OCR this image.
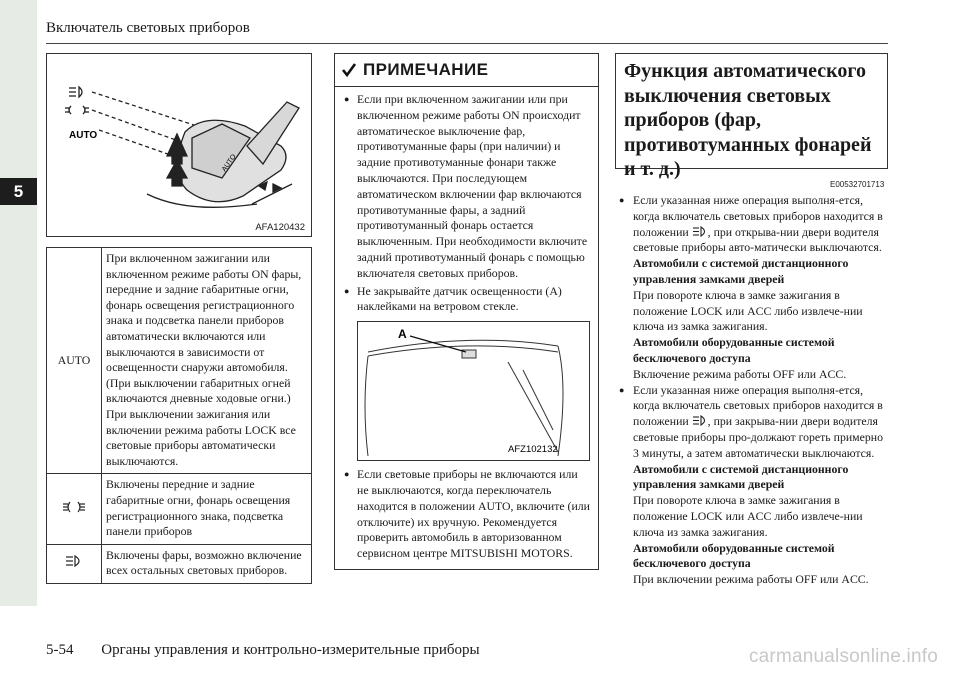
5
Включатель световых приборов
AUTO
AUTO
AFA120432
AUTO	При включенном зажигании или включенном режиме работы ON фары, передние и задние габаритные огни, фонарь освещения регистрационного знака и подсветка панели приборов автоматически включаются или выключаются в зависимости от освещенности снаружи автомобиля. (При выключении габаритных огней включаются дневные ходовые огни.) При выключении зажигания или включении режима работы LOCK все световые приборы автоматически выключаются.
	Включены передние и задние габаритные огни, фонарь освещения регистрационного знака, подсветка панели приборов
	Включены фары, возможно включение всех остальных световых приборов.
ПРИМЕЧАНИЕ
● Если при включенном зажигании или при включенном режиме работы ON происходит автоматическое выключение фар, противотуманные фары (при наличии) и задние противотуманные фонари также выключаются. При последующем автоматическом включении фар включаются противотуманные фары, а задний противотуманный фонарь остается выключенным. При необходимости включите задний противотуманный фонарь с помощью включателя световых приборов.
● Не закрывайте датчик освещенности (A) наклейками на ветровом стекле.
A
AFZ102132
● Если световые приборы не включаются или не выключаются, когда переключатель находится в положении AUTO, включите (или отключите) их вручную. Рекомендуется проверить автомобиль в авторизованном сервисном центре MITSUBISHI MOTORS.
Функция автоматического выключения световых приборов (фар, противотуманных фонарей и т. д.)
E00532701713
● Если указанная ниже операция выполня-ется, когда включатель световых приборов находится в положении , при открыва-нии двери водителя световые приборы авто-матически выключаются.
Автомобили с системой дистанционного управления замками дверей
При повороте ключа в замке зажигания в положение LOCK или ACC либо извлече-нии ключа из замка зажигания.
Автомобили оборудованные системой бесключевого доступа
Включение режима работы OFF или ACC.
● Если указанная ниже операция выполня-ется, когда включатель световых приборов находится в положении , при закрыва-нии двери водителя световые приборы про-должают гореть примерно 3 минуты, а затем автоматически выключаются.
Автомобили с системой дистанционного управления замками дверей
При повороте ключа в замке зажигания в положение LOCK или ACC либо извлече-нии ключа из замка зажигания.
Автомобили оборудованные системой бесключевого доступа
При включении режима работы OFF или ACC.
5-54 Органы управления и контрольно-измерительные приборы	carmanualsonline.info
